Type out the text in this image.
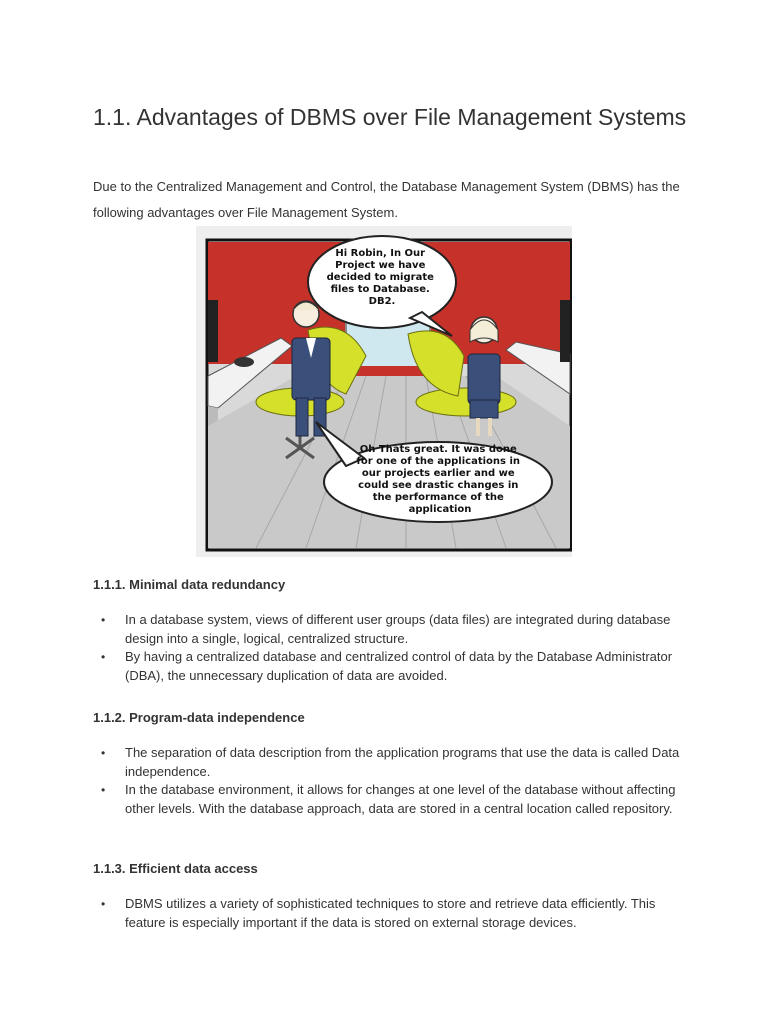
1.1. Advantages of DBMS over File Management Systems

Due to the Centralized Management and Control, the Database Management System (DBMS) has the following advantages over File Management System.

Hi Robin, In Our Project we have decided to migrate files to Database. DB2.
Oh Thats great. It was done for one of the applications in our projects earlier and we could see drastic changes in the performance of the application
1.1.1. Minimal data redundancy
• In a database system, views of different user groups (data files) are integrated during database design into a single, logical, centralized structure.
• By having a centralized database and centralized control of data by the Database Administrator (DBA), the unnecessary duplication of data are avoided.
1.1.2. Program-data independence
• The separation of data description from the application programs that use the data is called Data independence.
• In the database environment, it allows for changes at one level of the database without affecting other levels. With the database approach, data are stored in a central location called repository.
1.1.3. Efficient data access
• DBMS utilizes a variety of sophisticated techniques to store and retrieve data efficiently. This feature is especially important if the data is stored on external storage devices.
